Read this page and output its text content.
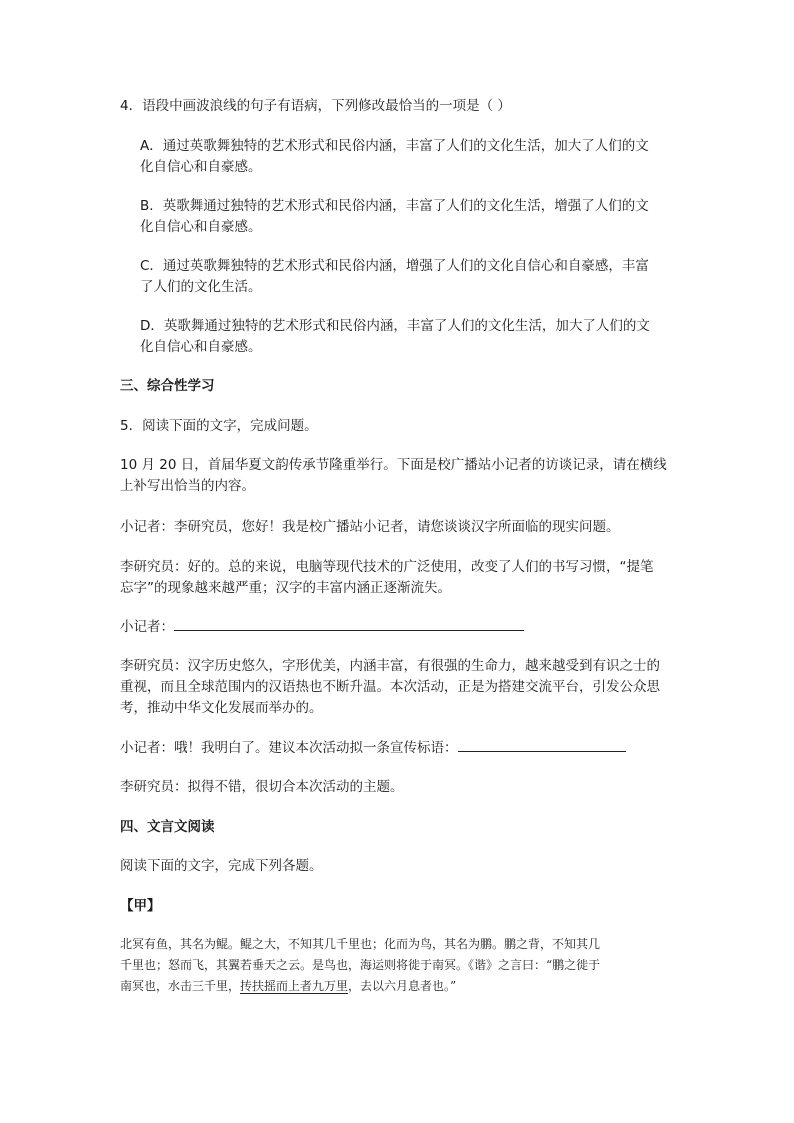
4．语段中画波浪线的句子有语病，下列修改最恰当的一项是（ ）
A．通过英歌舞独特的艺术形式和民俗内涵，丰富了人们的文化生活，加大了人们的文
化自信心和自豪感。
B．英歌舞通过独特的艺术形式和民俗内涵，丰富了人们的文化生活，增强了人们的文
化自信心和自豪感。
C．通过英歌舞独特的艺术形式和民俗内涵，增强了人们的文化自信心和自豪感，丰富
了人们的文化生活。
D．英歌舞通过独特的艺术形式和民俗内涵，丰富了人们的文化生活，加大了人们的文
化自信心和自豪感。
三、综合性学习
5．阅读下面的文字，完成问题。
10 月 20 日，首届华夏文韵传承节隆重举行。下面是校广播站小记者的访谈记录，请在横线
上补写出恰当的内容。
小记者：李研究员，您好！我是校广播站小记者，请您谈谈汉字所面临的现实问题。
李研究员：好的。总的来说，电脑等现代技术的广泛使用，改变了人们的书写习惯，“提笔
忘字”的现象越来越严重；汉字的丰富内涵正逐渐流失。
小记者：
李研究员：汉字历史悠久，字形优美，内涵丰富，有很强的生命力，越来越受到有识之士的
重视，而且全球范围内的汉语热也不断升温。本次活动，正是为搭建交流平台，引发公众思
考，推动中华文化发展而举办的。
小记者：哦！我明白了。建议本次活动拟一条宣传标语：
李研究员：拟得不错，很切合本次活动的主题。
四、文言文阅读
阅读下面的文字，完成下列各题。
【甲】
北冥有鱼，其名为鲲。鲲之大，不知其几千里也；化而为鸟，其名为鹏。鹏之背，不知其几
千里也；怒而飞，其翼若垂天之云。是鸟也，海运则将徙于南冥。《谐》之言曰：“鹏之徙于
南冥也，水击三千里，抟扶摇而上者九万里，去以六月息者也。”
